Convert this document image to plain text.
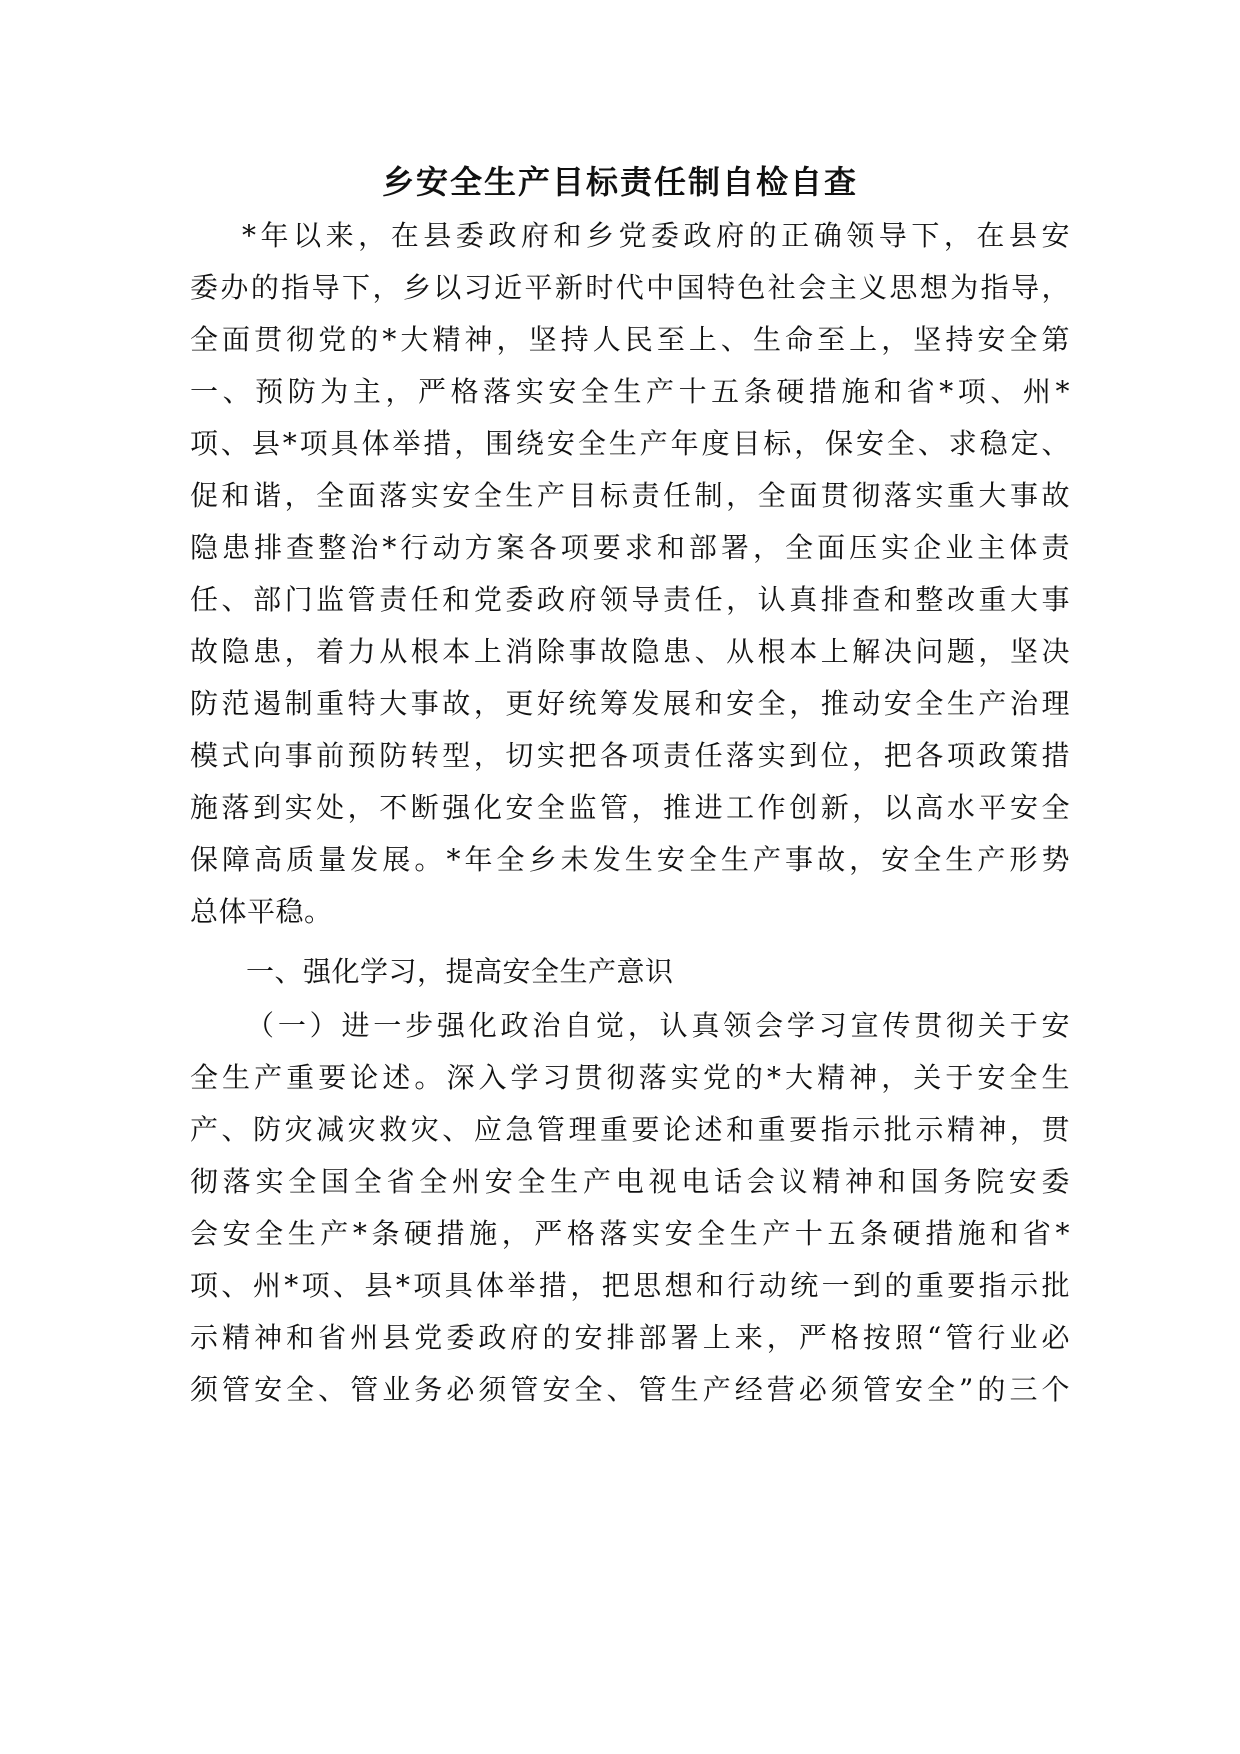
乡安全生产目标责任制自检自查
*年以来，在县委政府和乡党委政府的正确领导下，在县安
委办的指导下，乡以习近平新时代中国特色社会主义思想为指导，
全面贯彻党的*大精神，坚持人民至上、生命至上，坚持安全第
一、预防为主，严格落实安全生产十五条硬措施和省*项、州*
项、县*项具体举措，围绕安全生产年度目标，保安全、求稳定、
促和谐，全面落实安全生产目标责任制，全面贯彻落实重大事故
隐患排查整治*行动方案各项要求和部署，全面压实企业主体责
任、部门监管责任和党委政府领导责任，认真排查和整改重大事
故隐患，着力从根本上消除事故隐患、从根本上解决问题，坚决
防范遏制重特大事故，更好统筹发展和安全，推动安全生产治理
模式向事前预防转型，切实把各项责任落实到位，把各项政策措
施落到实处，不断强化安全监管，推进工作创新，以高水平安全
保障高质量发展。*年全乡未发生安全生产事故，安全生产形势
总体平稳。
一、强化学习，提高安全生产意识
（一）进一步强化政治自觉，认真领会学习宣传贯彻关于安
全生产重要论述。深入学习贯彻落实党的*大精神，关于安全生
产、防灾减灾救灾、应急管理重要论述和重要指示批示精神，贯
彻落实全国全省全州安全生产电视电话会议精神和国务院安委
会安全生产*条硬措施，严格落实安全生产十五条硬措施和省*
项、州*项、县*项具体举措，把思想和行动统一到的重要指示批
示精神和省州县党委政府的安排部署上来，严格按照“管行业必
须管安全、管业务必须管安全、管生产经营必须管安全”的三个
